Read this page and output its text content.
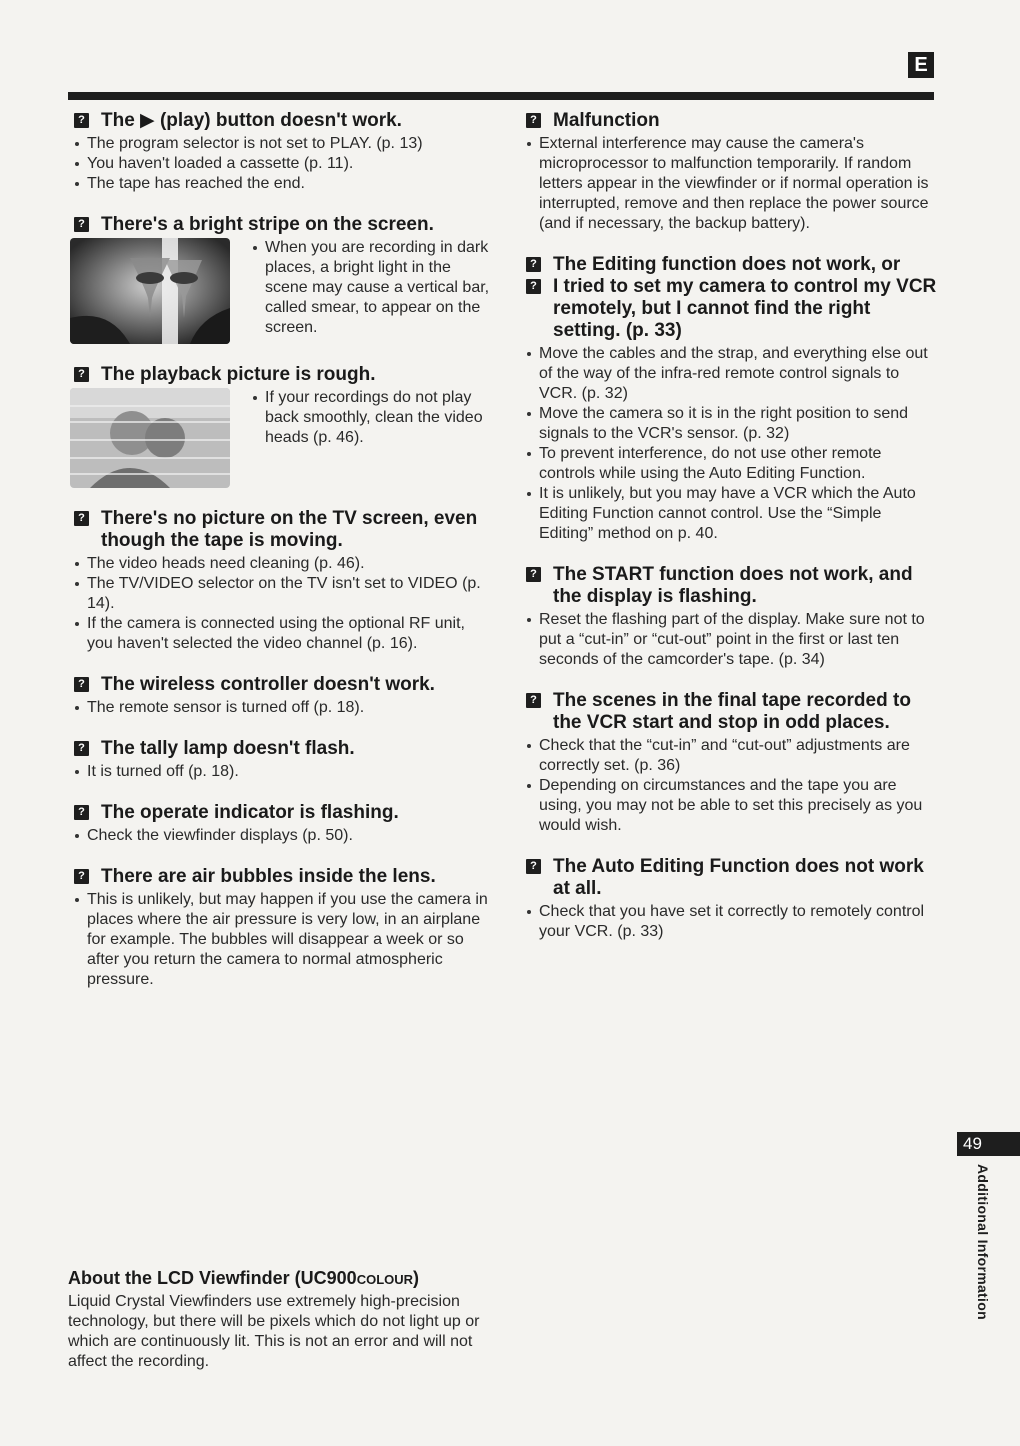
E
? The ▶ (play) button doesn't work.
The program selector is not set to PLAY. (p. 13)
You haven't loaded a cassette (p. 11).
The tape has reached the end.
? There's a bright stripe on the screen.
When you are recording in dark places, a bright light in the scene may cause a vertical bar, called smear, to appear on the screen.
? The playback picture is rough.
If your recordings do not play back smoothly, clean the video heads (p. 46).
? There's no picture on the TV screen, even though the tape is moving.
The video heads need cleaning (p. 46).
The TV/VIDEO selector on the TV isn't set to VIDEO (p. 14).
If the camera is connected using the optional RF unit, you haven't selected the video channel (p. 16).
? The wireless controller doesn't work.
The remote sensor is turned off (p. 18).
? The tally lamp doesn't flash.
It is turned off (p. 18).
? The operate indicator is flashing.
Check the viewfinder displays (p. 50).
? There are air bubbles inside the lens.
This is unlikely, but may happen if you use the camera in places where the air pressure is very low, in an airplane for example. The bubbles will disappear a week or so after you return the camera to normal atmospheric pressure.
? Malfunction
External interference may cause the camera's microprocessor to malfunction temporarily. If random letters appear in the viewfinder or if normal operation is interrupted, remove and then replace the power source (and if necessary, the backup battery).
? The Editing function does not work, or
? I tried to set my camera to control my VCR remotely, but I cannot find the right setting. (p. 33)
Move the cables and the strap, and everything else out of the way of the infra-red remote control signals to VCR. (p. 32)
Move the camera so it is in the right position to send signals to the VCR's sensor. (p. 32)
To prevent interference, do not use other remote controls while using the Auto Editing Function.
It is unlikely, but you may have a VCR which the Auto Editing Function cannot control. Use the “Simple Editing” method on p. 40.
? The START function does not work, and the display is flashing.
Reset the flashing part of the display. Make sure not to put a “cut-in” or “cut-out” point in the first or last ten seconds of the camcorder's tape. (p. 34)
? The scenes in the final tape recorded to the VCR start and stop in odd places.
Check that the “cut-in” and “cut-out” adjustments are correctly set. (p. 36)
Depending on circumstances and the tape you are using, you may not be able to set this precisely as you would wish.
? The Auto Editing Function does not work at all.
Check that you have set it correctly to remotely control your VCR. (p. 33)

About the LCD Viewfinder (UC900COLOUR)

Liquid Crystal Viewfinders use extremely high-precision technology, but there will be pixels which do not light up or which are continuously lit. This is not an error and will not affect the recording.

49
Additional Information
